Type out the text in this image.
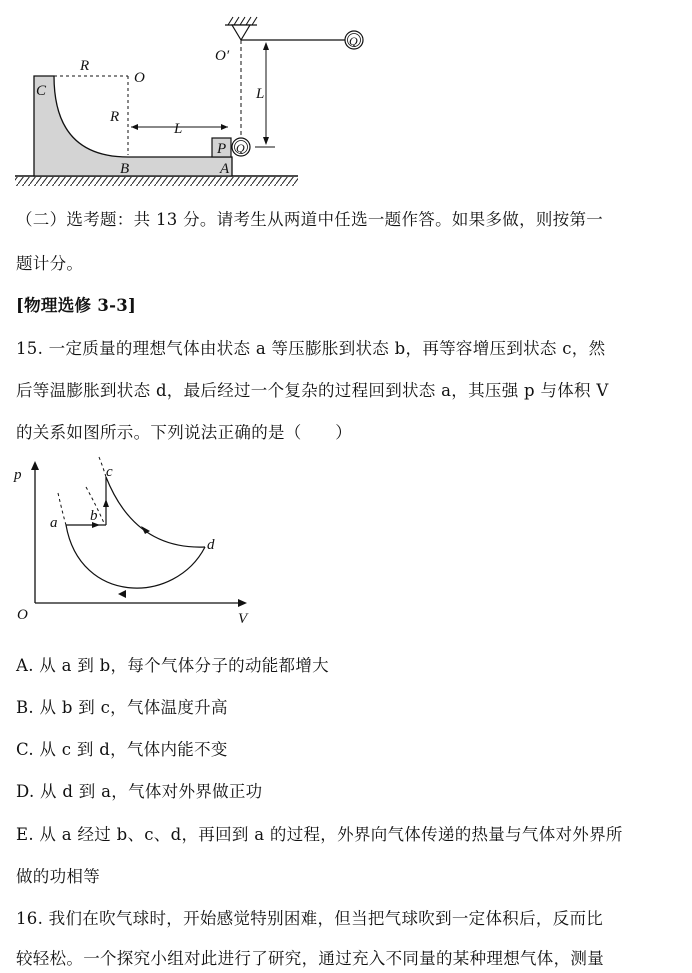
R
O
C
R
L
B
P Q
A
O′
L
Q
（二）选考题：共 13 分。请考生从两道中任选一题作答。如果多做，则按第一
题计分。
[物理选修 3-3]
15. 一定质量的理想气体由状态 a 等压膨胀到状态 b，再等容增压到状态 c，然
后等温膨胀到状态 d，最后经过一个复杂的过程回到状态 a，其压强 p 与体积 V
的关系如图所示。下列说法正确的是（　　）
p
V
O
a b
c
d
A. 从 a 到 b，每个气体分子的动能都增大
B. 从 b 到 c，气体温度升高
C. 从 c 到 d，气体内能不变
D. 从 d 到 a，气体对外界做正功
E. 从 a 经过 b、c、d，再回到 a 的过程，外界向气体传递的热量与气体对外界所
做的功相等
16. 我们在吹气球时，开始感觉特别困难，但当把气球吹到一定体积后，反而比
较轻松。一个探究小组对此进行了研究，通过充入不同量的某种理想气体，测量
